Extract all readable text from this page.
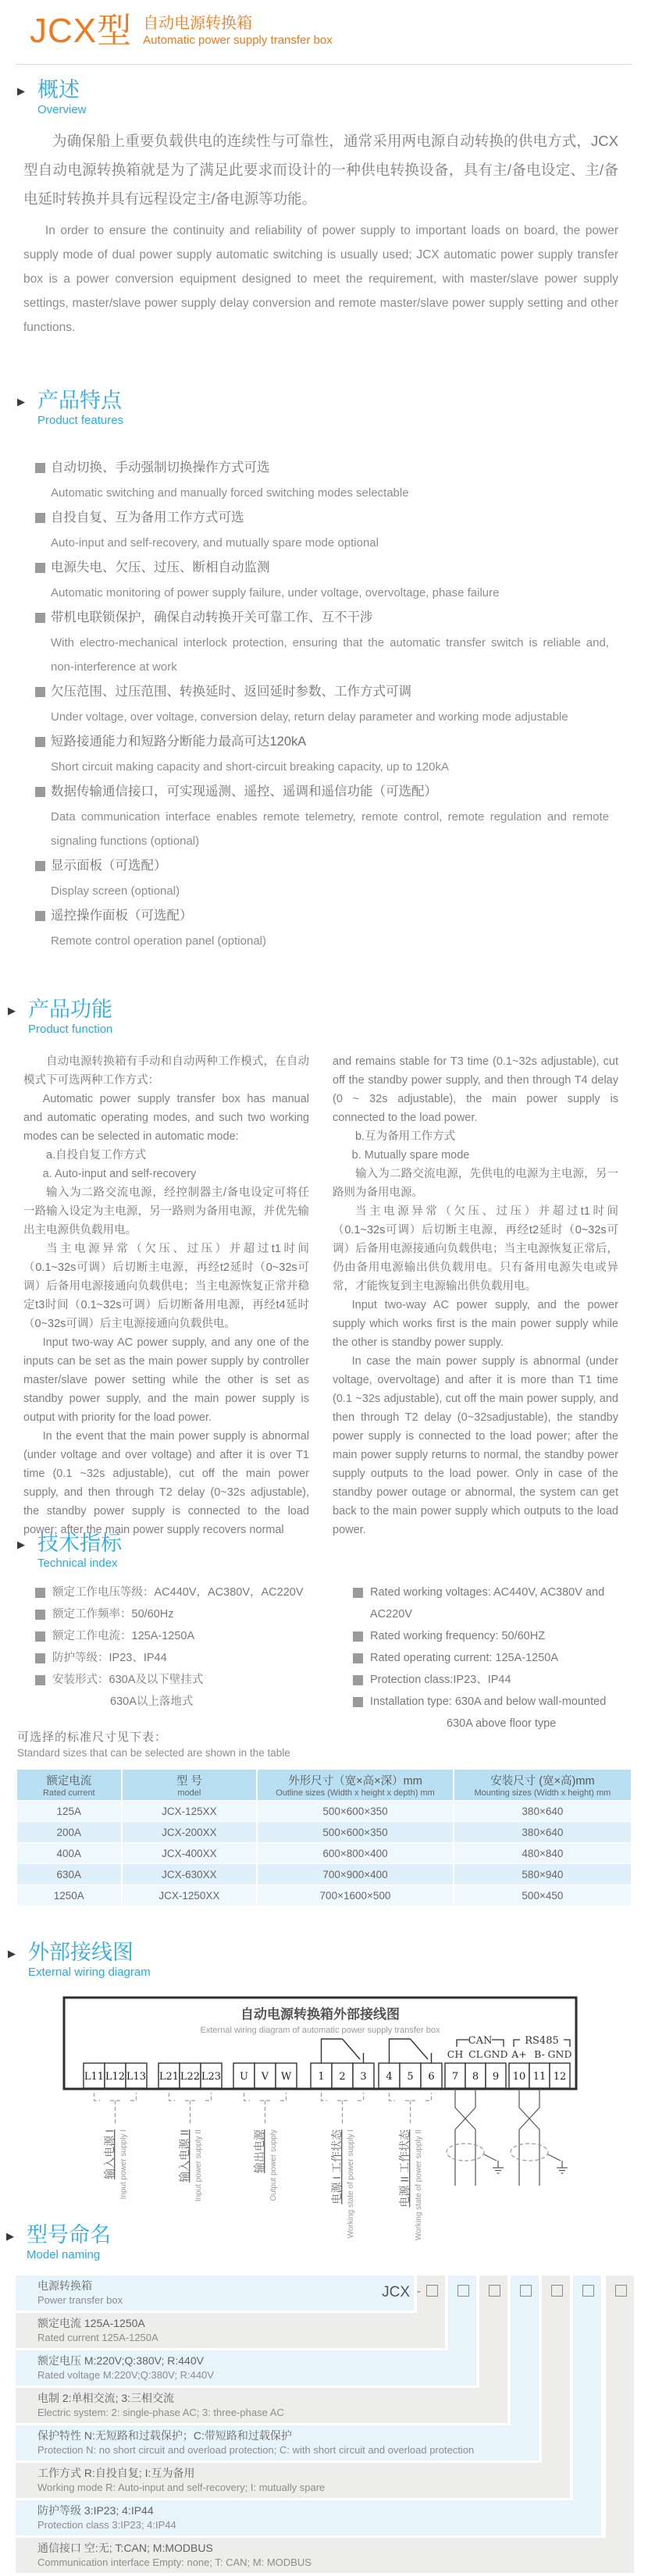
JCX型 自动电源转换箱
Automatic power supply transfer box
▶ 概述
Overview

为确保船上重要负载供电的连续性与可靠性，通常采用两电源自动转换的供电方式，JCX型自动电源转换箱就是为了满足此要求而设计的一种供电转换设备，具有主/备电设定、主/备电延时转换并具有远程设定主/备电源等功能。

In order to ensure the continuity and reliability of power supply to important loads on board, the power supply mode of dual power supply automatic switching is usually used; JCX automatic power supply transfer box is a power conversion equipment designed to meet the requirement, with master/slave power supply settings, master/slave power supply delay conversion and remote master/slave power supply setting and other functions.

▶ 产品特点
Product features
自动切换、手动强制切换操作方式可选
Automatic switching and manually forced switching modes selectable
自投自复、互为备用工作方式可选
Auto-input and self-recovery, and mutually spare mode optional
电源失电、欠压、过压、断相自动监测
Automatic monitoring of power supply failure, under voltage, overvoltage, phase failure
带机电联锁保护，确保自动转换开关可靠工作、互不干涉
With electro-mechanical interlock protection, ensuring that the automatic transfer switch is reliable and, non-interference at work
欠压范围、过压范围、转换延时、返回延时参数、工作方式可调
Under voltage, over voltage, conversion delay, return delay parameter and working mode adjustable
短路接通能力和短路分断能力最高可达120kA
Short circuit making capacity and short-circuit breaking capacity, up to 120kA
数据传输通信接口，可实现遥测、遥控、遥调和遥信功能（可选配）
Data communication interface enables remote telemetry, remote control, remote regulation and remote signaling functions (optional)
显示面板（可选配）
Display screen (optional)
遥控操作面板（可选配）
Remote control operation panel (optional)
▶ 产品功能
Product function

自动电源转换箱有手动和自动两种工作模式，在自动模式下可选两种工作方式：

Automatic power supply transfer box has manual and automatic operating modes, and such two working modes can be selected in automatic mode:

a.自投自复工作方式

a. Auto-input and self-recovery

输入为二路交流电源，经控制器主/备电设定可将任一路输入设定为主电源，另一路则为备用电源，并优先输出主电源供负载用电。

当主电源异常（欠压、过压）并超过t1时间（0.1~32s可调）后切断主电源，再经t2延时（0~32s可调）后备用电源接通向负载供电；当主电源恢复正常并稳定t3时间（0.1~32s可调）后切断备用电源，再经t4延时（0~32s可调）后主电源接通向负载供电。

Input two-way AC power supply, and any one of the inputs can be set as the main power supply by controller master/slave power setting while the other is set as standby power supply, and the main power supply is output with priority for the load power.

In the event that the main power supply is abnormal (under voltage and over voltage) and after it is over T1 time (0.1 ~32s adjustable), cut off the main power supply, and then through T2 delay (0~32s adjustable), the standby power supply is connected to the load power; after the main power supply recovers normal

and remains stable for T3 time (0.1~32s adjustable), cut off the standby power supply, and then through T4 delay (0 ~ 32s adjustable), the main power supply is connected to the load power.

b.互为备用工作方式

b. Mutually spare mode

输入为二路交流电源，先供电的电源为主电源，另一路则为备用电源。

当主电源异常（欠压、过压）并超过t1时间（0.1~32s可调）后切断主电源，再经t2延时（0~32s可调）后备用电源接通向负载供电；当主电源恢复正常后，仍由备用电源输出供负载用电。只有备用电源失电或异常，才能恢复到主电源输出供负载用电。

Input two-way AC power supply, and the power supply which works first is the main power supply while the other is standby power supply.

In case the main power supply is abnormal (under voltage, overvoltage) and after it is more than T1 time (0.1 ~32s adjustable), cut off the main power supply, and then through T2 delay (0~32sadjustable), the standby power supply is connected to the load power; after the main power supply returns to normal, the standby power supply outputs to the load power. Only in case of the standby power outage or abnormal, the system can get back to the main power supply which outputs to the load power.

▶ 技术指标
Technical index
额定工作电压等级：AC440V，AC380V，AC220V
额定工作频率：50/60Hz
额定工作电流：125A-1250A
防护等级：IP23、IP44
安装形式：630A及以下壁挂式
630A以上落地式
Rated working voltages: AC440V, AC380V and AC220V
Rated working frequency: 50/60HZ
Rated operating current: 125A-1250A
Protection class:IP23、IP44
Installation type: 630A and below wall-mounted
630A above floor type
可选择的标准尺寸见下表：
Standard sizes that can be selected are shown in the table
额定电流
Rated current

型 号
model

外形尺寸（宽×高×深）mm
Outline sizes (Width x height x depth) mm

安装尺寸 (宽×高)mm
Mounting sizes (Width x height) mm

125A	JCX-125XX	500×600×350	380×640
200A	JCX-200XX	500×600×350	380×640
400A	JCX-400XX	600×800×400	480×840
630A	JCX-630XX	700×900×400	580×940
1250A	JCX-1250XX	700×1600×500	500×450
▶ 外部接线图
External wiring diagram
自动电源转换箱外部接线图
External wiring diagram of automatic power supply transfer box
CAN	RS485
CH CL GND A+ B- GND
L11 L12 L13 L21 L22 L23 U V W	1 2 3 4 5 6 7 8 9 10 11 12
输入电源 I Input power supply I	输入电源 II Input power supply II	输出电源 Output power supply	电源 I 工作状态 Working state of power supply I	电源 II 工作状态 Working state of power supply II
▶ 型号命名
Model naming
电源转换箱
Power transfer box
额定电流 125A-1250A
Rated current 125A-1250A
额定电压 M:220V;Q:380V; R:440V
Rated voltage M:220V;Q:380V; R:440V
电制 2:单相交流; 3:三相交流
Electric system: 2: single-phase AC; 3: three-phase AC
保护特性 N:无短路和过载保护；C:带短路和过载保护
Protection N: no short circuit and overload protection; C: with short circuit and overload protection
工作方式 R:自投自复; I:互为备用
Working mode R: Auto-input and self-recovery; I: mutually spare
防护等级 3:IP23; 4:IP44
Protection class 3:IP23; 4:IP44
通信接口 空:无; T:CAN; M:MODBUS
Communication interface Empty: none; T: CAN; M: MODBUS
JCX -
